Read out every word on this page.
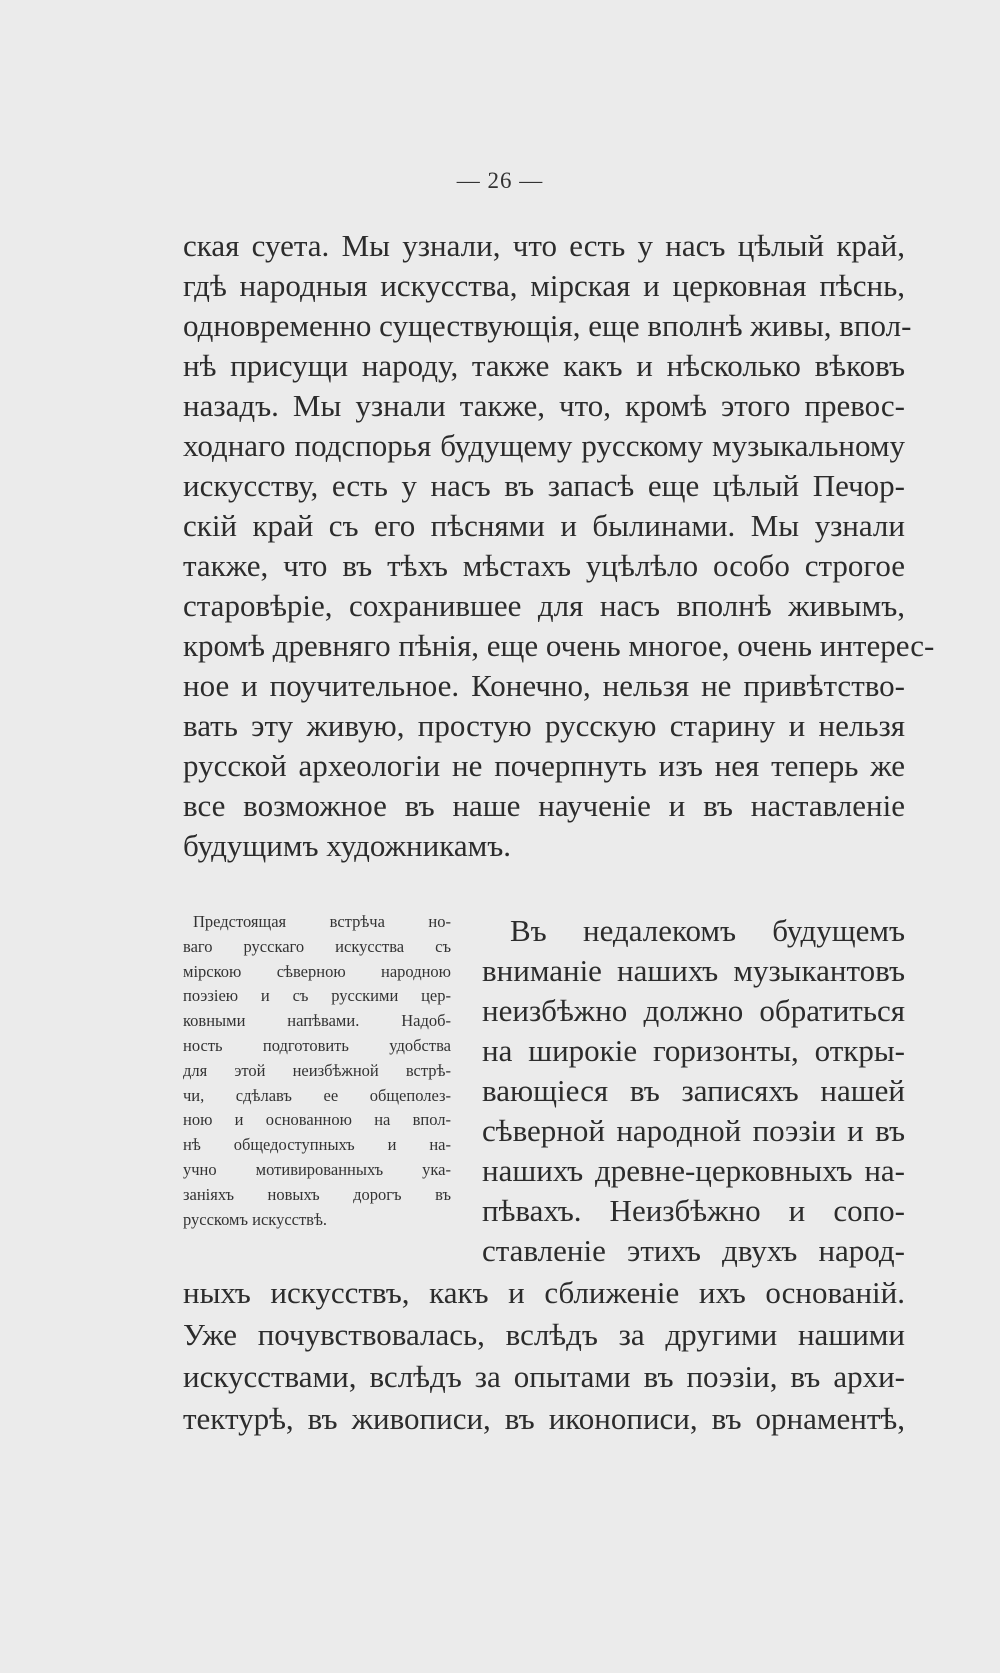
— 26 —
ская суета. Мы узнали, что есть у насъ цѣлый край,
гдѣ народныя искусства, мiрская и церковная пѣснь,
одновременно существующiя, еще вполнѣ живы, впол-
нѣ присущи народу, также какъ и нѣсколько вѣковъ
назадъ. Мы узнали также, что, кромѣ этого превос-
ходнаго подспорья будущему русскому музыкальному
искусству, есть у насъ въ запасѣ еще цѣлый Печор-
скiй край съ его пѣснями и былинами. Мы узнали
также, что въ тѣхъ мѣстахъ уцѣлѣло особо строгое
старовѣрiе, сохранившее для насъ вполнѣ живымъ,
кромѣ древняго пѣнiя, еще очень многое, очень интерес-
ное и поучительное. Конечно, нельзя не привѣтство-
вать эту живую, простую русскую старину и нельзя
русской археологiи не почерпнуть изъ нея теперь же
все возможное въ наше наученiе и въ наставленiе
будущимъ художникамъ.
Предстоящая встрѣча но-
ваго русскаго искусства съ
мiрскою сѣверною народною
поэзiею и съ русскими цер-
ковными напѣвами. Надоб-
ность подготовить удобства
для этой неизбѣжной встрѣ-
чи, сдѣлавъ ее общеполез-
ною и основанною на впол-
нѣ общедоступныхъ и на-
учно мотивированныхъ ука-
занiяхъ новыхъ дорогъ въ
русскомъ искусствѣ.
Въ недалекомъ будущемъ
вниманiе нашихъ музыкантовъ
неизбѣжно должно обратиться
на широкiе горизонты, откры-
вающiеся въ записяхъ нашей
сѣверной народной поэзiи и въ
нашихъ древне-церковныхъ на-
пѣвахъ. Неизбѣжно и сопо-
ставленiе этихъ двухъ народ-
ныхъ искусствъ, какъ и сближенiе ихъ основанiй.
Уже почувствовалась, вслѣдъ за другими нашими
искусствами, вслѣдъ за опытами въ поэзiи, въ архи-
тектурѣ, въ живописи, въ иконописи, въ орнаментѣ,
